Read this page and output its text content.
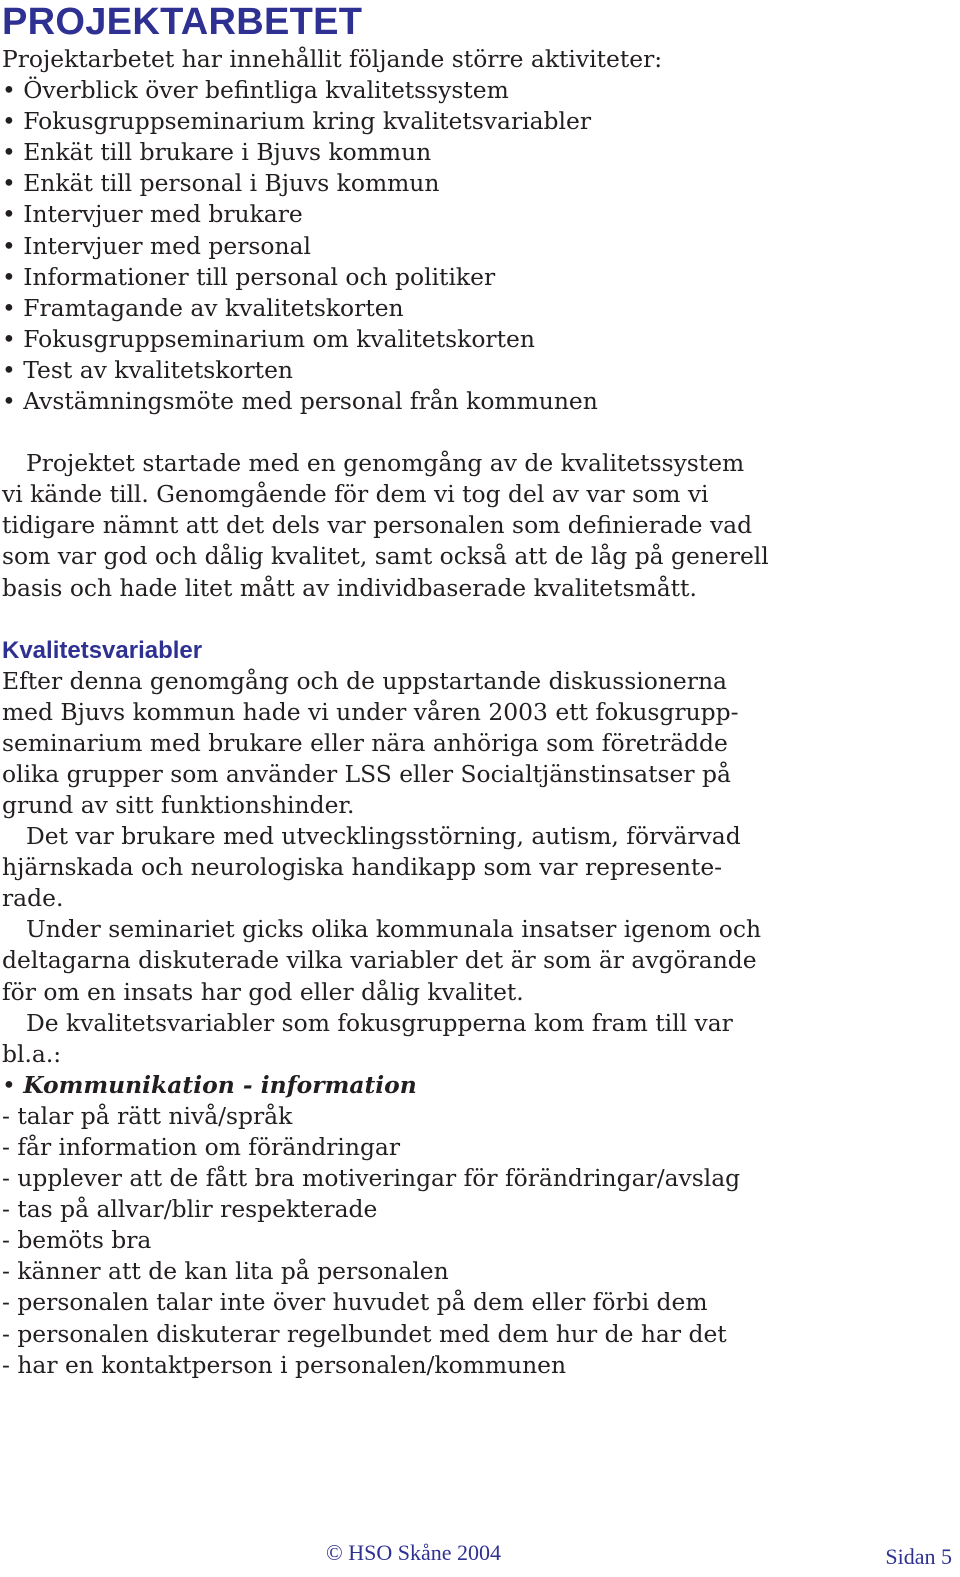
PROJEKTARBETET

Projektarbetet har innehållit följande större aktiviteter:

• Överblick över befintliga kvalitetssystem
• Fokusgruppseminarium kring kvalitetsvariabler
• Enkät till brukare i Bjuvs kommun
• Enkät till personal i Bjuvs kommun
• Intervjuer med brukare
• Intervjuer med personal
• Informationer till personal och politiker
• Framtagande av kvalitetskorten
• Fokusgruppseminarium om kvalitetskorten
• Test av kvalitetskorten
• Avstämningsmöte med personal från kommunen
Projektet startade med en genomgång av de kvalitetssystem
vi kände till. Genomgående för dem vi tog del av var som vi
tidigare nämnt att det dels var personalen som definierade vad
som var god och dålig kvalitet, samt också att de låg på generell
basis och hade litet mått av individbaserade kvalitetsmått.
Kvalitetsvariabler
Efter denna genomgång och de uppstartande diskussionerna
med Bjuvs kommun hade vi under våren 2003 ett fokusgrupp-
seminarium med brukare eller nära anhöriga som företrädde
olika grupper som använder LSS eller Socialtjänstinsatser på
grund av sitt funktionshinder.
Det var brukare med utvecklingsstörning, autism, förvärvad
hjärnskada och neurologiska handikapp som var represente-
rade.
Under seminariet gicks olika kommunala insatser igenom och
deltagarna diskuterade vilka variabler det är som är avgörande
för om en insats har god eller dålig kvalitet.
De kvalitetsvariabler som fokusgrupperna kom fram till var
bl.a.:
• Kommunikation - information
- talar på rätt nivå/språk
- får information om förändringar
- upplever att de fått bra motiveringar för förändringar/avslag
- tas på allvar/blir respekterade
- bemöts bra
- känner att de kan lita på personalen
- personalen talar inte över huvudet på dem eller förbi dem
- personalen diskuterar regelbundet med dem hur de har det
- har en kontaktperson i personalen/kommunen
© HSO Skåne 2004	Sidan 5
